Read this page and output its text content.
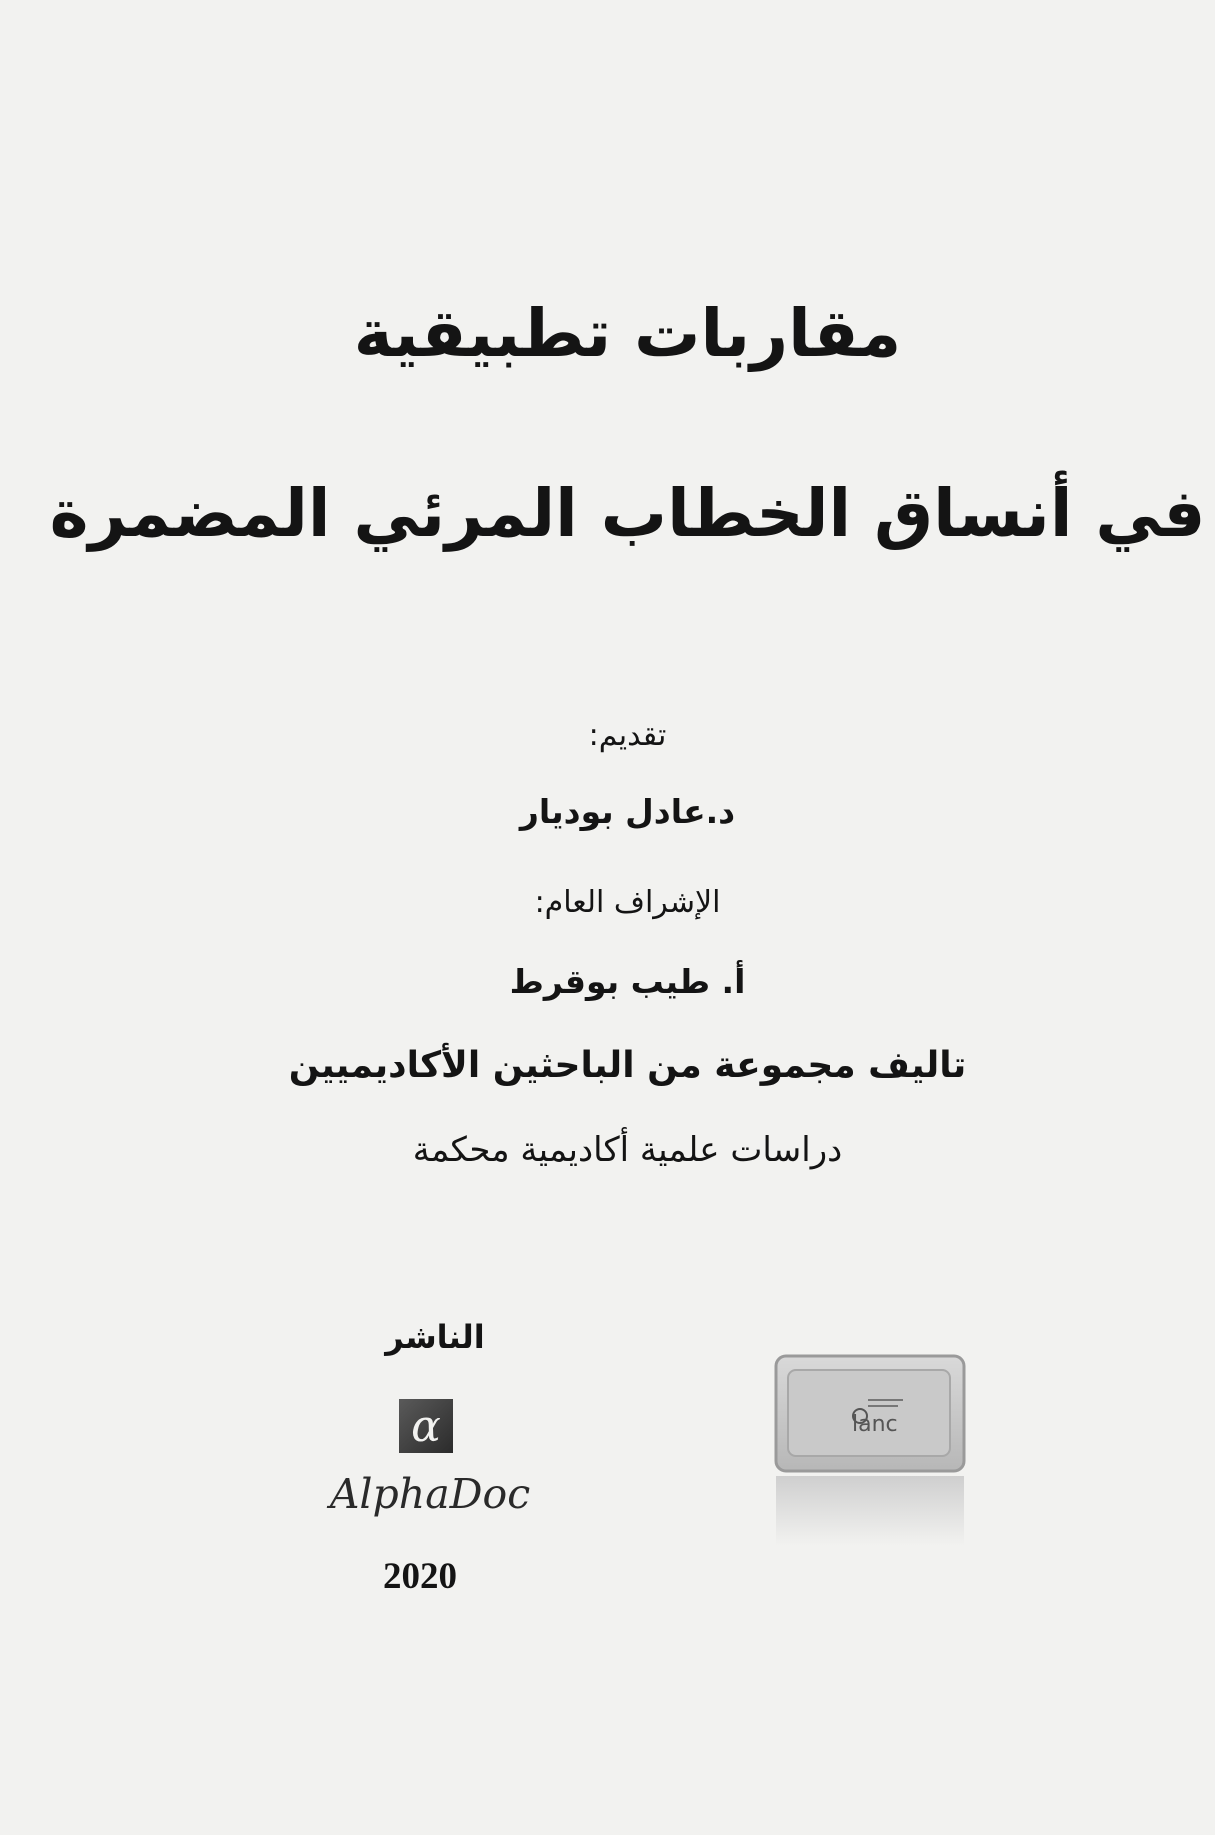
مقاربات تطبيقية
في أنساق الخطاب المرئي المضمرة
تقديم:
د.عادل بوديار
الإشراف العام:
أ. طيب بوقرط
تاليف مجموعة من الباحثين الأكاديميين
دراسات علمية أكاديمية محكمة
الناشر
α
AlphaDoc
2020
lanc
